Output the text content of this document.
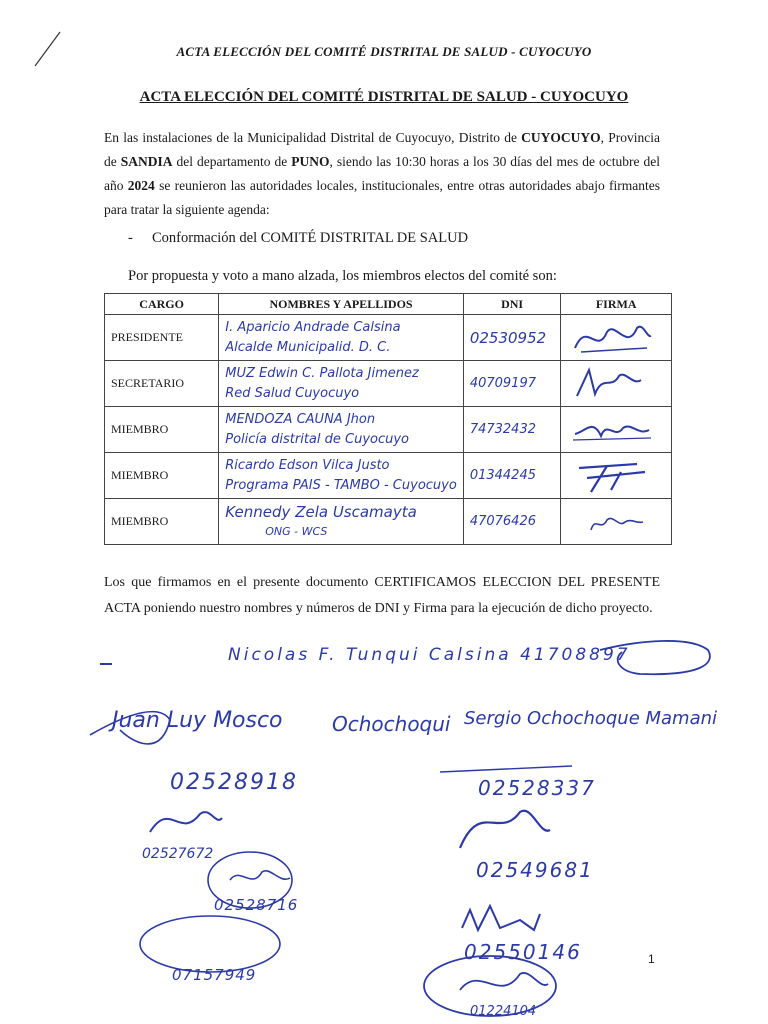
ACTA ELECCIÓN DEL COMITÉ DISTRITAL DE SALUD - CUYOCUYO
ACTA ELECCIÓN DEL COMITÉ DISTRITAL DE SALUD - CUYOCUYO
En las instalaciones de la Municipalidad Distrital de Cuyocuyo, Distrito de CUYOCUYO, Provincia de SANDIA del departamento de PUNO, siendo las 10:30 horas a los 30 días del mes de octubre del año 2024 se reunieron las autoridades locales, institucionales, entre otras autoridades abajo firmantes para tratar la siguiente agenda:
- Conformación del COMITÉ DISTRITAL DE SALUD
Por propuesta y voto a mano alzada, los miembros electos del comité son:
CARGO	NOMBRES Y APELLIDOS	DNI	FIRMA
PRESIDENTE	I. Aparicio Andrade Calsina
Alcalde Municipalid. D. C.	02530952

SECRETARIO	MUZ Edwin C. Pallota Jimenez
Red Salud Cuyocuyo	40709197

MIEMBRO	MENDOZA CAUNA Jhon
Policía distrital de Cuyocuyo	74732432

MIEMBRO	Ricardo Edson Vilca Justo
Programa PAIS - TAMBO - Cuyocuyo	01344245

MIEMBRO	Kennedy Zela Uscamayta
ONG - WCS	47076426

Los que firmamos en el presente documento CERTIFICAMOS ELECCION DEL PRESENTE ACTA poniendo nuestro nombres y números de DNI y Firma para la ejecución de dicho proyecto.
Nicolas F. Tunqui Calsina 41708897
Juan Luy Mosco Ochochoqui Sergio Ochochoque Mamani
02528918	02528337
02527672
02549681
02528716
07157949
02550146
01224104
1
